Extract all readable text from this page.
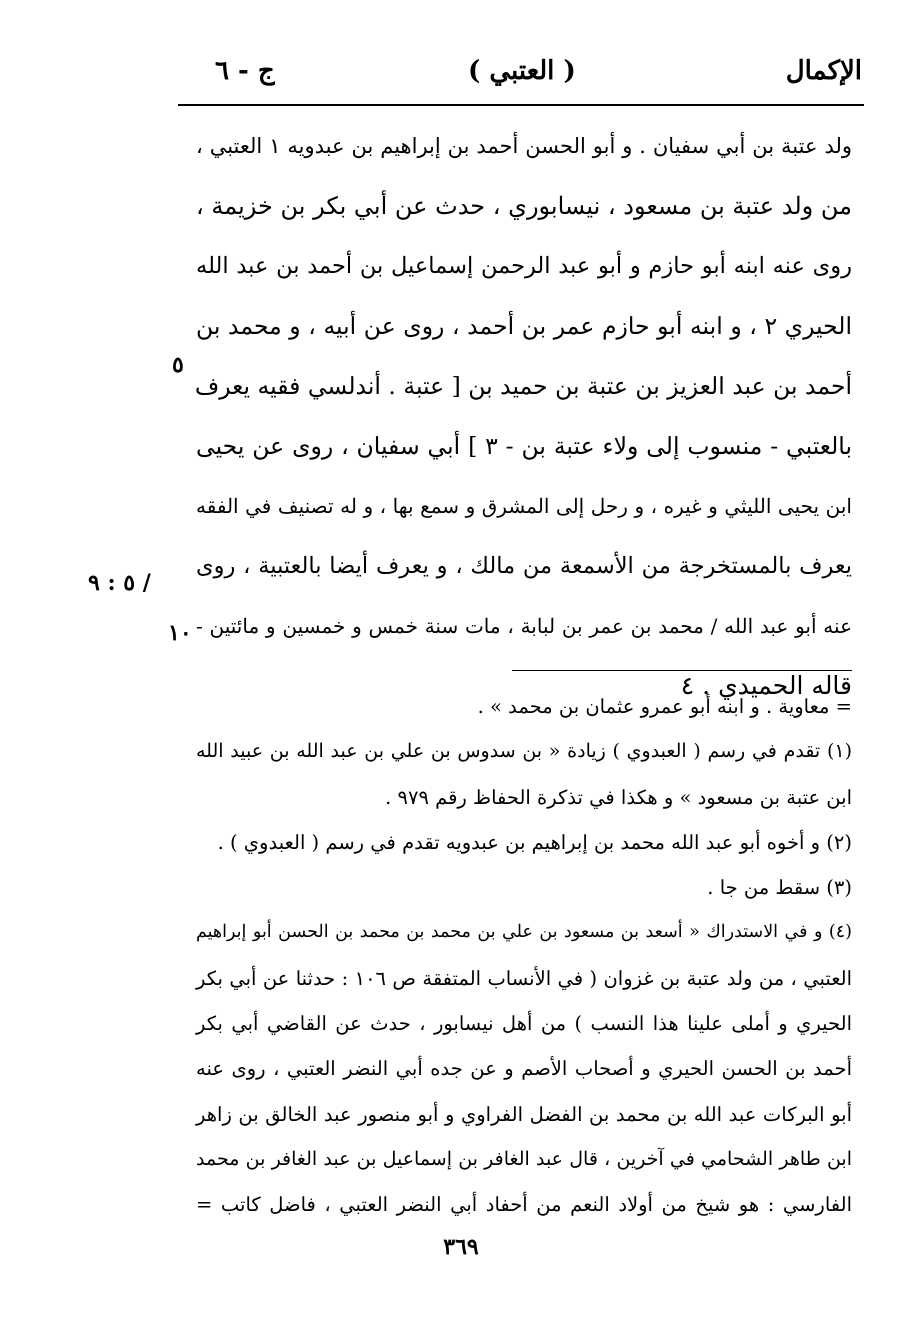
الإكمال
( العتبي )
ج - ٦
ولد عتبة بن أبي سفيان . و أبو الحسن أحمد بن إبراهيم بن عبدويه ١ العتبي ،
من ولد عتبة بن مسعود ، نيسابوري ، حدث عن أبي بكر بن خزيمة ،
روى عنه ابنه أبو حازم و أبو عبد الرحمن إسماعيل بن أحمد بن عبد الله
الحيري ٢ ، و ابنه أبو حازم عمر بن أحمد ، روى عن أبيه ، و محمد بن
أحمد بن عبد العزيز بن عتبة بن حميد بن [ عتبة . أندلسي فقيه يعرف
بالعتبي - منسوب إلى ولاء عتبة بن - ٣ ] أبي سفيان ، روى عن يحيى
ابن يحيى الليثي و غيره ، و رحل إلى المشرق و سمع بها ، و له تصنيف في الفقه
يعرف بالمستخرجة من الأسمعة من مالك ، و يعرف أيضا بالعتبية ، روى
عنه أبو عبد الله / محمد بن عمر بن لبابة ، مات سنة خمس و خمسين و مائتين -
قاله الحميدي . ٤
٥
١٠
/ ٥ : ٩
= معاوية . و ابنه أبو عمرو عثمان بن محمد » .
(١) تقدم في رسم ( العبدوي ) زيادة « بن سدوس بن علي بن عبد الله بن عبيد الله
ابن عتبة بن مسعود » و هكذا في تذكرة الحفاظ رقم ٩٧٩ .
(٢) و أخوه أبو عبد الله محمد بن إبراهيم بن عبدويه تقدم في رسم ( العبدوي ) .
(٣) سقط من جا .
(٤) و في الاستدراك « أسعد بن مسعود بن علي بن محمد بن محمد بن الحسن أبو إبراهيم
العتبي ، من ولد عتبة بن غزوان ( في الأنساب المتفقة ص ١٠٦ : حدثنا عن أبي بكر
الحيري و أملى علينا هذا النسب ) من أهل نيسابور ، حدث عن القاضي أبي بكر
أحمد بن الحسن الحيري و أصحاب الأصم و عن جده أبي النضر العتبي ، روى عنه
أبو البركات عبد الله بن محمد بن الفضل الفراوي و أبو منصور عبد الخالق بن زاهر
ابن طاهر الشحامي في آخرين ، قال عبد الغافر بن إسماعيل بن عبد الغافر بن محمد
الفارسي : هو شيخ من أولاد النعم من أحفاد أبي النضر العتبي ، فاضل كاتب =
٣٦٩
